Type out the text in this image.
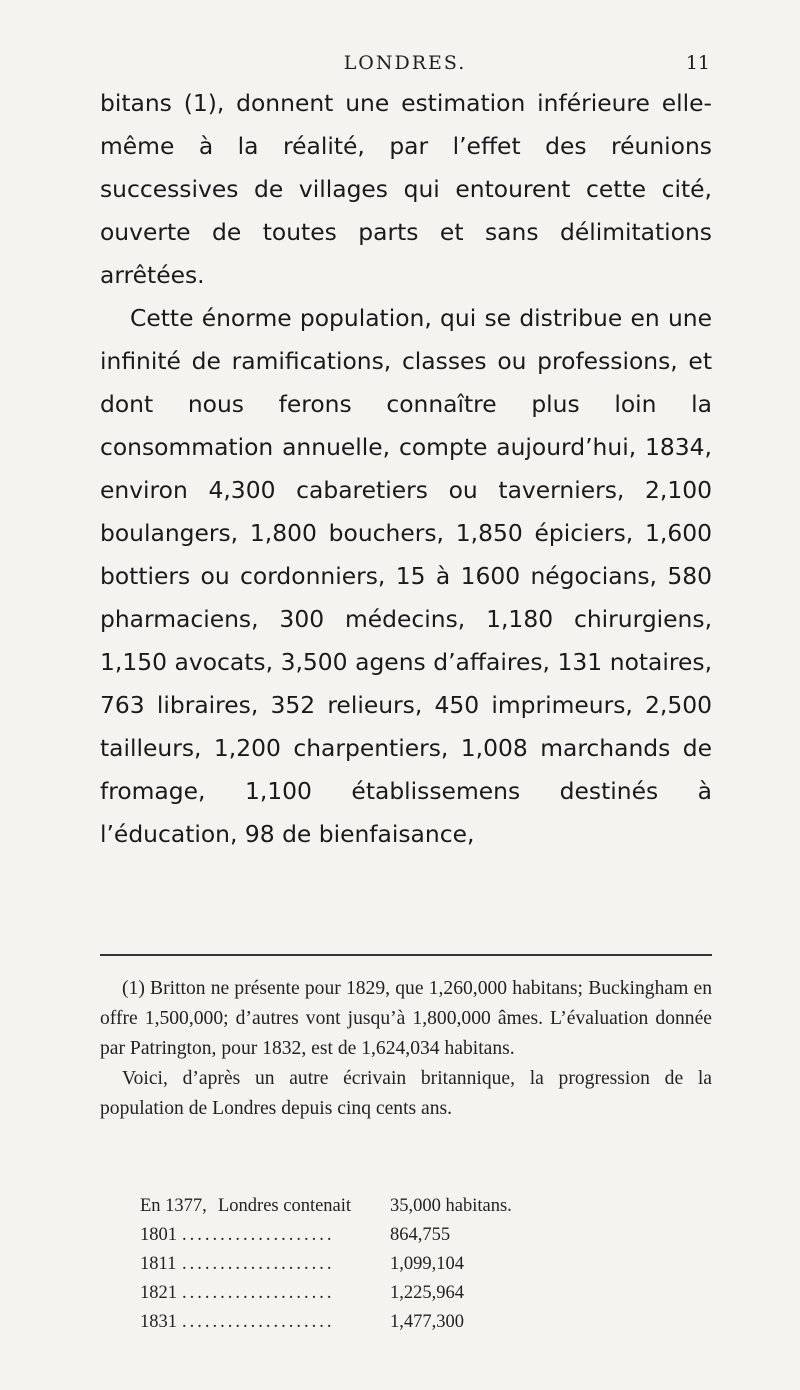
LONDRES.	11

bitans (1), donnent une estimation inférieure elle-même à la réalité, par l’effet des réunions successives de villages qui entourent cette cité, ouverte de toutes parts et sans délimitations arrêtées.

Cette énorme population, qui se distribue en une infinité de ramifications, classes ou professions, et dont nous ferons connaître plus loin la consommation annuelle, compte aujourd’hui, 1834, environ 4,300 cabaretiers ou taverniers, 2,100 boulangers, 1,800 bouchers, 1,850 épiciers, 1,600 bottiers ou cordonniers, 15 à 1600 négocians, 580 pharmaciens, 300 médecins, 1,180 chirurgiens, 1,150 avocats, 3,500 agens d’affaires, 131 notaires, 763 libraires, 352 relieurs, 450 imprimeurs, 2,500 tailleurs, 1,200 charpentiers, 1,008 marchands de fromage, 1,100 établissemens destinés à l’éducation, 98 de bienfaisance,

(1) Britton ne présente pour 1829, que 1,260,000 habitans; Buckingham en offre 1,500,000; d’autres vont jusqu’à 1,800,000 âmes. L’évaluation donnée par Patrington, pour 1832, est de 1,624,034 habitans.

Voici, d’après un autre écrivain britannique, la progression de la population de Londres depuis cinq cents ans.

En 1377, Londres contenait 35,000 habitans.
1801 ....................	864,755
1811 ....................	1,099,104
1821 ....................	1,225,964
1831 ....................	1,477,300
